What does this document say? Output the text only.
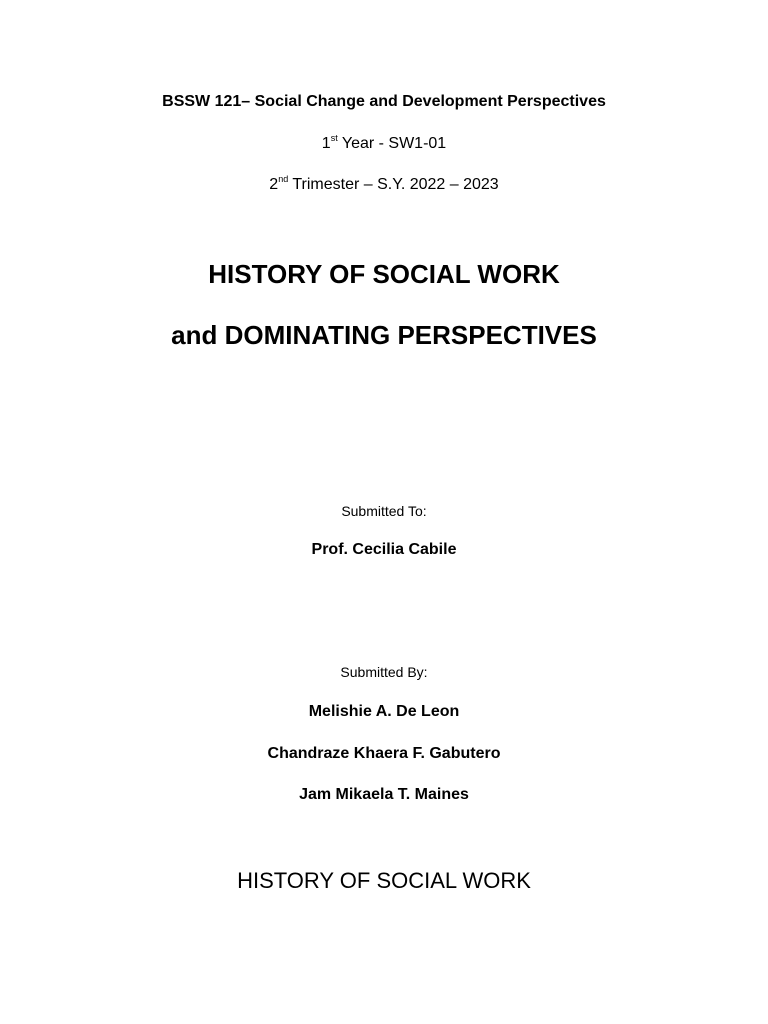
BSSW 121– Social Change and Development Perspectives
1st Year - SW1-01
2nd Trimester – S.Y. 2022 – 2023
HISTORY OF SOCIAL WORK
and DOMINATING PERSPECTIVES
Submitted To:
Prof. Cecilia Cabile
Submitted By:
Melishie A. De Leon
Chandraze Khaera F. Gabutero
Jam Mikaela T. Maines
HISTORY OF SOCIAL WORK
